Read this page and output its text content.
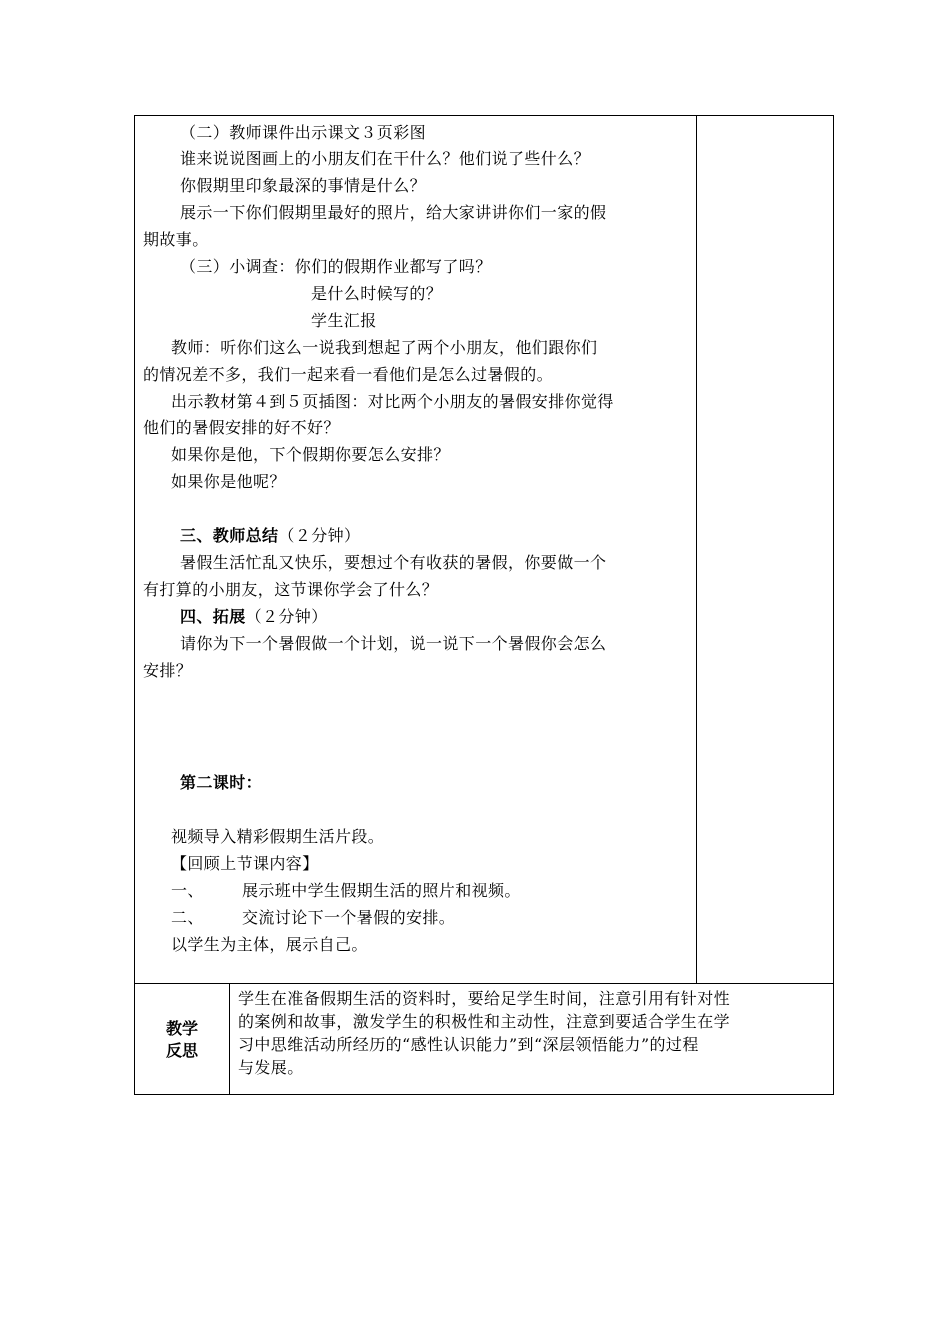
（二）教师课件出示课文３页彩图
谁来说说图画上的小朋友们在干什么？他们说了些什么？
你假期里印象最深的事情是什么？
展示一下你们假期里最好的照片，给大家讲讲你们一家的假
期故事。
（三）小调查：你们的假期作业都写了吗？
是什么时候写的？
学生汇报
教师：听你们这么一说我到想起了两个小朋友，他们跟你们
的情况差不多，我们一起来看一看他们是怎么过暑假的。
出示教材第４到５页插图：对比两个小朋友的暑假安排你觉得
他们的暑假安排的好不好？
如果你是他，下个假期你要怎么安排？
如果你是他呢？
三、教师总结（２分钟）
暑假生活忙乱又快乐，要想过个有收获的暑假，你要做一个
有打算的小朋友，这节课你学会了什么？
四、拓展（２分钟）
请你为下一个暑假做一个计划，说一说下一个暑假你会怎么
安排？
第二课时：
视频导入精彩假期生活片段。
【回顾上节课内容】
一、 展示班中学生假期生活的照片和视频。
二、 交流讨论下一个暑假的安排。
以学生为主体，展示自己。
教学
反思
学生在准备假期生活的资料时，要给足学生时间，注意引用有针对性
的案例和故事，激发学生的积极性和主动性，注意到要适合学生在学
习中思维活动所经历的“感性认识能力”到“深层领悟能力”的过程
与发展。
